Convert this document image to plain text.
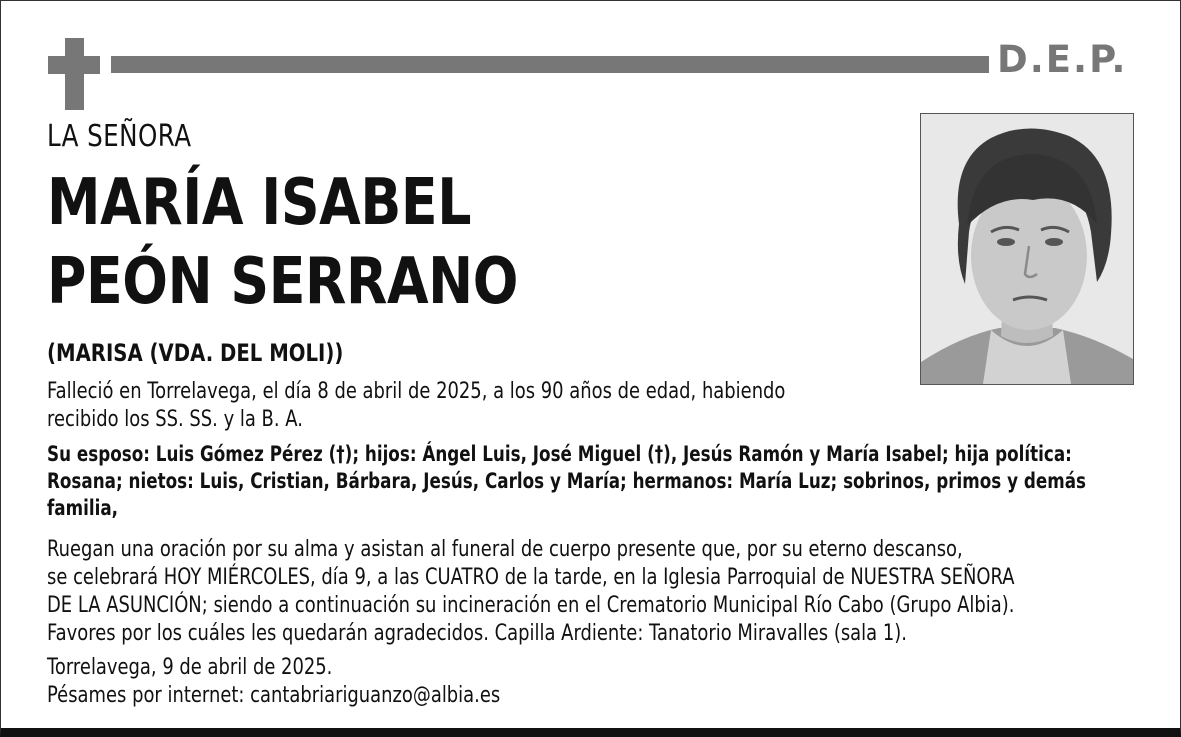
D.E.P.
LA SEÑORA
MARÍA ISABEL
PEÓN SERRANO
(MARISA (VDA. DEL MOLI))
Falleció en Torrelavega, el día 8 de abril de 2025, a los 90 años de edad, habiendo
recibido los SS. SS. y la B. A.
Su esposo: Luis Gómez Pérez (†); hijos: Ángel Luis, José Miguel (†), Jesús Ramón y María Isabel; hija política:
Rosana; nietos: Luis, Cristian, Bárbara, Jesús, Carlos y María; hermanos: María Luz; sobrinos, primos y demás
familia,
Ruegan una oración por su alma y asistan al funeral de cuerpo presente que, por su eterno descanso,
se celebrará HOY MIÉRCOLES, día 9, a las CUATRO de la tarde, en la Iglesia Parroquial de NUESTRA SEÑORA
DE LA ASUNCIÓN; siendo a continuación su incineración en el Crematorio Municipal Río Cabo (Grupo Albia).
Favores por los cuáles les quedarán agradecidos. Capilla Ardiente: Tanatorio Miravalles (sala 1).
Torrelavega, 9 de abril de 2025.
Pésames por internet: cantabriariguanzo@albia.es
